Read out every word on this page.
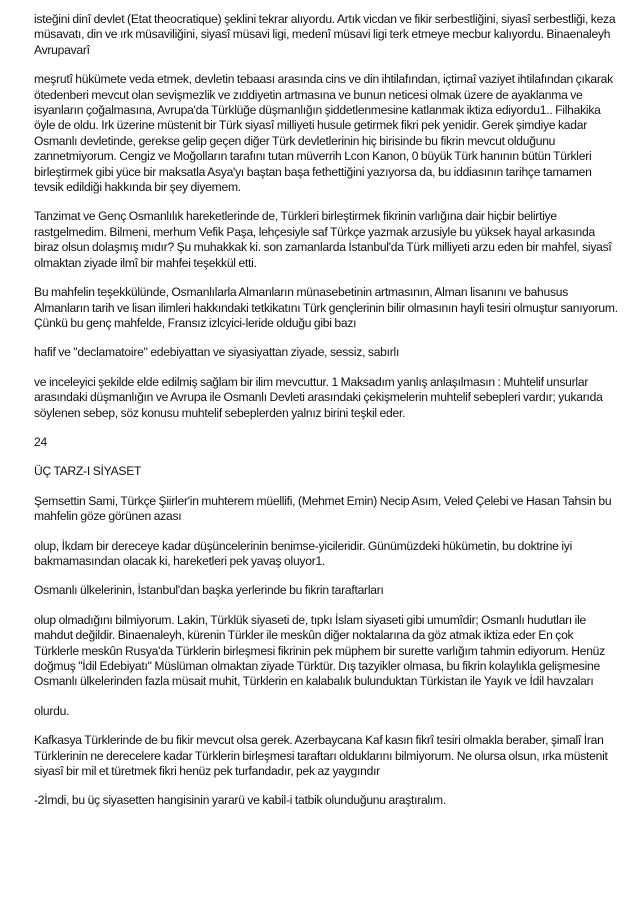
isteğini dinî devlet (Etat theocratique) şeklini tekrar alıyordu. Artık vicdan ve fikir serbestliğini, siyasî serbestliği, keza müsavatı, din ve ırk müsaviliğini, siyasî müsavi ligi, medenî müsavi ligi terk etmeye mecbur kalıyordu. Binaenaleyh Avrupavarî

meşrutî hükümete veda etmek, devletin tebaası arasında cins ve din ihtilafından, içtimaî vaziyet ihtilafından çıkarak ötedenberi mevcut olan sevişmezlik ve zıddiyetin artmasına ve bunun neticesi olmak üzere de ayaklanma ve isyanların çoğalmasına, Avrupa'da Türklüğe düşmanlığın şiddetlenmesine katlanmak iktiza ediyordu1.. Filhakika öyle de oldu. Irk üzerine müstenit bir Türk siyasî milliyeti husule getirmek fikri pek yenidir. Gerek şimdiye kadar Osmanlı devletinde, gerekse gelip geçen diğer Türk devletlerinin hiç birisinde bu fikrin mevcut olduğunu zannetmiyorum. Cengiz ve Moğolların tarafını tutan müverrih Lcon Kanon, 0 büyük Türk hanının bütün Türkleri birleştirmek gibi yüce bir maksatla Asya'yı baştan başa fethettiğini yazıyorsa da, bu iddiasının tarihçe tamamen tevsik edildiği hakkında bir şey diyemem.

Tanzimat ve Genç Osmanlılık hareketlerinde de, Türkleri birleştirmek fikrinin varlığına dair hiçbir belirtiye rastgelmedim. Bilmeni, merhum Vefik Paşa, lehçesiyle saf Türkçe yazmak arzusiyle bu yüksek hayal arkasında biraz olsun dolaşmış mıdır? Şu muhakkak ki. son zamanlarda İstanbul'da Türk milliyeti arzu eden bir mahfel, siyasî olmaktan ziyade ilmî bir mahfei teşekkül etti.

Bu mahfelin teşekkülünde, Osmanlılarla Almanların münasebetinin artmasının, Alman lisanını ve bahusus Almanların tarih ve lisan ilimleri hakkındaki tetkikatını Türk gençlerinin bilir olmasının hayli tesiri olmuştur sanıyorum. Çünkü bu genç mahfelde, Fransız izlcyici-leride olduğu gibi bazı

hafif ve "declamatoire" edebiyattan ve siyasiyattan ziyade, sessiz, sabırlı

ve inceleyici şekilde elde edilmiş sağlam bir ilim mevcuttur. 1 Maksadım yanlış anlaşılmasın : Muhtelif unsurlar arasındaki düşmanlığın ve Avrupa ile Osmanlı Devleti arasındaki çekişmelerin muhtelif sebepleri vardır; yukarıda söylenen sebep, söz konusu muhtelif sebeplerden yalnız birini teşkil eder.

24

ÜÇ TARZ-I SİYASET

Şemsettin Sami, Türkçe Şiirler'in muhterem müellifi, (Mehmet Emin) Necip Asım, Veled Çelebi ve Hasan Tahsin bu mahfelin göze görünen azası

olup, İkdam bir dereceye kadar düşüncelerinin benimse-yicileridir. Günümüzdeki hükümetin, bu doktrine iyi bakmamasından olacak ki, hareketleri pek yavaş oluyor1.

Osmanlı ülkelerinin, İstanbul'dan başka yerlerinde bu fikrin taraftarları

olup olmadığını bilmiyorum. Lakin, Türklük siyaseti de, tıpkı İslam siyaseti gibi umumîdir; Osmanlı hudutları ile mahdut değildir. Binaenaleyh, kürenin Türkler ile meskûn diğer noktalarına da göz atmak iktiza eder En çok Türklerle meskûn Rusya'da Türklerin birleşmesi fikrinin pek müphem bir surette varlığım tahmin ediyorum. Henüz doğmuş "İdil Edebiyatı" Müslüman olmaktan ziyade Türktür. Dış tazyikler olmasa, bu fikrin kolaylıkla gelişmesine Osmanlı ülkelerinden fazla müsait muhit, Türklerin en kalabalık bulunduktan Türkistan ile Yayık ve İdil havzaları

olurdu.

Kafkasya Türklerinde de bu fikir mevcut olsa gerek. Azerbaycana Kaf kasın fikrî tesiri olmakla beraber, şimalî İran Türklerinin ne derecelere kadar Türklerin birleşmesi taraftarı olduklarını bilmiyorum. Ne olursa olsun, ırka müstenit siyasî bir mil et türetmek fikri henüz pek turfandadır, pek az yaygındır

-2İmdi, bu üç siyasetten hangisinin yararü ve kabil-i tatbik olunduğunu araştıralım.
